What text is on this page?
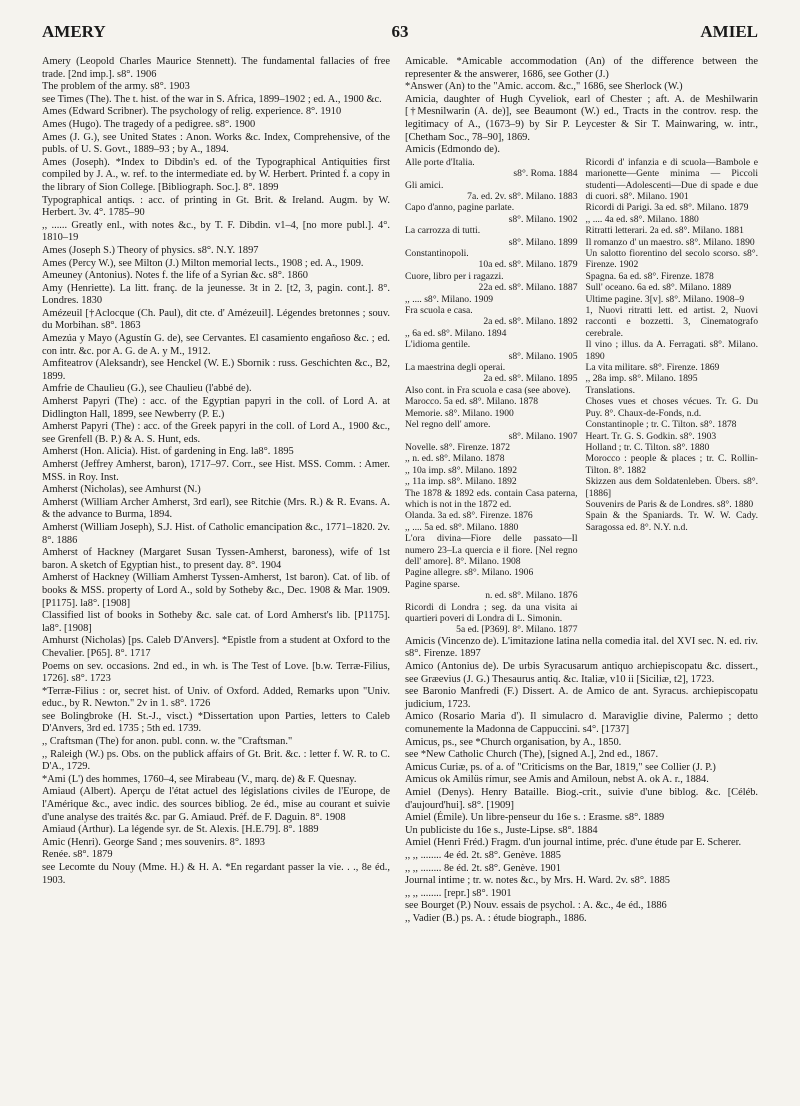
AMERY	63	AMIEL
Amery (Leopold Charles Maurice Stennett). The fundamental fallacies of free trade. [2nd imp.]. s8°. 1906
The problem of the army. s8°. 1903
see Times (The). The t. hist. of the war in S. Africa, 1899–1902 ; ed. A., 1900 &c.
Ames (Edward Scribner). The psychology of relig. experience. 8°. 1910
Ames (Hugo). The tragedy of a pedigree. s8°. 1900
Ames (J. G.), see United States : Anon. Works &c. Index, Comprehensive, of the publs. of U. S. Govt., 1889–93 ; by A., 1894.
Ames (Joseph). *Index to Dibdin's ed. of the Typographical Antiquities first compiled by J. A., w. ref. to the intermediate ed. by W. Herbert. Printed f. a copy in the library of Sion College. [Bibliograph. Soc.]. 8°. 1899
Typographical antiqs. : acc. of printing in Gt. Brit. & Ireland. Augm. by W. Herbert. 3v. 4°. 1785–90
,, ...... Greatly enl., with notes &c., by T. F. Dibdin. v1–4, [no more publ.]. 4°. 1810–19
Ames (Joseph S.) Theory of physics. s8°. N.Y. 1897
Ames (Percy W.), see Milton (J.) Milton memorial lects., 1908 ; ed. A., 1909.
Ameuney (Antonius). Notes f. the life of a Syrian &c. s8°. 1860
Amy (Henriette). La litt. franç. de la jeunesse. 3t in 2. [t2, 3, pagin. cont.]. 8°. Londres. 1830
Amézeuil [†Aclocque (Ch. Paul), dit cte. d' Amézeuil]. Légendes bretonnes ; souv. du Morbihan. s8°. 1863
Amezúa y Mayo (Agustín G. de), see Cervantes. El casamiento engañoso &c. ; ed. con intr. &c. por A. G. de A. y M., 1912.
Amfiteatrov (Aleksandr), see Henckel (W. E.) Sbornik : russ. Geschichten &c., B2, 1899.
Amfrie de Chaulieu (G.), see Chaulieu (l'abbé de).
Amherst Papyri (The) : acc. of the Egyptian papyri in the coll. of Lord A. at Didlington Hall, 1899, see Newberry (P. E.)
Amherst Papyri (The) : acc. of the Greek papyri in the coll. of Lord A., 1900 &c., see Grenfell (B. P.) & A. S. Hunt, eds.
Amherst (Hon. Alicia). Hist. of gardening in Eng. la8°. 1895
Amherst (Jeffrey Amherst, baron), 1717–97. Corr., see Hist. MSS. Comm. : Amer. MSS. in Roy. Inst.
Amherst (Nicholas), see Amhurst (N.)
Amherst (William Archer Amherst, 3rd earl), see Ritchie (Mrs. R.) & R. Evans. A. & the advance to Burma, 1894.
Amherst (William Joseph), S.J. Hist. of Catholic emancipation &c., 1771–1820. 2v. 8°. 1886
Amherst of Hackney (Margaret Susan Tyssen-Amherst, baroness), wife of 1st baron. A sketch of Egyptian hist., to present day. 8°. 1904
Amherst of Hackney (William Amherst Tyssen-Amherst, 1st baron). Cat. of lib. of books & MSS. property of Lord A., sold by Sotheby &c., Dec. 1908 & Mar. 1909. [P1175]. la8°. [1908]
Classified list of books in Sotheby &c. sale cat. of Lord Amherst's lib. [P1175]. la8°. [1908]
Amhurst (Nicholas) [ps. Caleb D'Anvers]. *Epistle from a student at Oxford to the Chevalier. [P65]. 8°. 1717
Poems on sev. occasions. 2nd ed., in wh. is The Test of Love. [b.w. Terræ-Filius, 1726]. s8°. 1723
*Terræ-Filius : or, secret hist. of Univ. of Oxford. Added, Remarks upon "Univ. educ., by R. Newton." 2v in 1. s8°. 1726
see Bolingbroke (H. St.-J., visct.) *Dissertation upon Parties, letters to Caleb D'Anvers, 3rd ed. 1735 ; 5th ed. 1739.
,, Craftsman (The) for anon. publ. conn. w. the "Craftsman."
,, Raleigh (W.) ps. Obs. on the publick affairs of Gt. Brit. &c. : letter f. W. R. to C. D'A., 1729.
*Ami (L') des hommes, 1760–4, see Mirabeau (V., marq. de) & F. Quesnay.
Amiaud (Albert). Aperçu de l'état actuel des législations civiles de l'Europe, de l'Amérique &c., avec indic. des sources bibliog. 2e éd., mise au courant et suivie d'une analyse des traités &c. par G. Amiaud. Préf. de F. Daguin. 8°. 1908
Amiaud (Arthur). La légende syr. de St. Alexis. [H.E.79]. 8°. 1889
Amic (Henri). George Sand ; mes souvenirs. 8°. 1893
Renée. s8°. 1879
see Lecomte du Nouy (Mme. H.) & H. A. *En regardant passer la vie. . ., 8e éd., 1903.
Amicable. *Amicable accommodation (An) of the difference between the representer & the answerer, 1686, see Gother (J.)
*Answer (An) to the "Amic. accom. &c.," 1686, see Sherlock (W.)
Amicia, daughter of Hugh Cyveliok, earl of Chester ; aft. A. de Meshilwarin [†Mesnilwarin (A. de)], see Beaumont (W.) ed., Tracts in the controv. resp. the legitimacy of A., (1673–9) by Sir P. Leycester & Sir T. Mainwaring, w. intr., [Chetham Soc., 78–90], 1869.
Amicis (Edmondo de).
Alle porte d'Italia.
s8°. Roma. 1884
Gli amici.
7a. ed. 2v. s8°. Milano. 1883
Capo d'anno, pagine parlate.
s8°. Milano. 1902
La carrozza di tutti.
s8°. Milano. 1899
Constantinopoli.
10a ed. s8°. Milano. 1879
Cuore, libro per i ragazzi.
22a ed. s8°. Milano. 1887
,, .... s8°. Milano. 1909
Fra scuola e casa.
2a ed. s8°. Milano. 1892
,, 6a ed. s8°. Milano. 1894
L'idioma gentile.
s8°. Milano. 1905
La maestrina degli operai.
2a ed. s8°. Milano. 1895
Also cont. in Fra scuola e casa (see above).
Marocco. 5a ed. s8°. Milano. 1878
Memorie. s8°. Milano. 1900
Nel regno dell' amore.
s8°. Milano. 1907
Novelle. s8°. Firenze. 1872
,, n. ed. s8°. Milano. 1878
,, 10a imp. s8°. Milano. 1892
,, 11a imp. s8°. Milano. 1892
The 1878 & 1892 eds. contain Casa paterna, which is not in the 1872 ed.
Olanda. 3a ed. s8°. Firenze. 1876
,, .... 5a ed. s8°. Milano. 1880
L'ora divina—Fiore delle passato—Il numero 23–La quercia e il fiore. [Nel regno dell' amore]. 8°. Milano. 1908
Pagine allegre. s8°. Milano. 1906
Pagine sparse.
n. ed. s8°. Milano. 1876
Ricordi di Londra ; seg. da una visita ai quartieri poveri di Londra di L. Simonin.
5a ed. [P369]. 8°. Milano. 1877
Ricordi d' infanzia e di scuola—Bambole e marionette—Gente minima — Piccoli studenti—Adolescenti—Due di spade e due di cuori. s8°. Milano. 1901
Ricordi di Parigi. 3a ed. s8°. Milano. 1879
,, .... 4a ed. s8°. Milano. 1880
Ritratti letterari. 2a ed. s8°. Milano. 1881
Il romanzo d' un maestro. s8°. Milano. 1890
Un salotto fiorentino del secolo scorso. s8°. Firenze. 1902
Spagna. 6a ed. s8°. Firenze. 1878
Sull' oceano. 6a ed. s8°. Milano. 1889
Ultime pagine. 3[v]. s8°. Milano. 1908–9
1, Nuovi ritratti lett. ed artist. 2, Nuovi racconti e bozzetti. 3, Cinematografo cerebrale.
Il vino ; illus. da A. Ferragati. s8°. Milano. 1890
La vita militare. s8°. Firenze. 1869
,, 28a imp. s8°. Milano. 1895
Translations.
Choses vues et choses vécues. Tr. G. Du Puy. 8°. Chaux-de-Fonds, n.d.
Constantinople ; tr. C. Tilton. s8°. 1878
Heart. Tr. G. S. Godkin. s8°. 1903
Holland ; tr. C. Tilton. s8°. 1880
Morocco : people & places ; tr. C. Rollin-Tilton. 8°. 1882
Skizzen aus dem Soldatenleben. Übers. s8°. [1886]
Souvenirs de Paris & de Londres. s8°. 1880
Spain & the Spaniards. Tr. W. W. Cady. Saragossa ed. 8°. N.Y. n.d.
Amicis (Vincenzo de). L'imitazione latina nella comedia ital. del XVI sec. N. ed. riv. s8°. Firenze. 1897
Amico (Antonius de). De urbis Syracusarum antiquo archiepiscopatu &c. dissert., see Græevius (J. G.) Thesaurus antiq. &c. Italiæ, v10 ii [Siciliæ, t2], 1723.
see Baronio Manfredi (F.) Dissert. A. de Amico de ant. Syracus. archiepiscopatu judicium, 1723.
Amico (Rosario Maria d'). Il simulacro d. Maraviglie divine, Palermo ; detto comunemente la Madonna de Cappuccini. s4°. [1737]
Amicus, ps., see *Church organisation, by A., 1850.
see *New Catholic Church (The), [signed A.], 2nd ed., 1867.
Amicus Curiæ, ps. of a. of "Criticisms on the Bar, 1819," see Collier (J. P.)
Amicus ok Amilüs rímur, see Amis and Amiloun, nebst A. ok A. r., 1884.
Amiel (Denys). Henry Bataille. Biog.-crit., suivie d'une biblog. &c. [Céléb. d'aujourd'hui]. s8°. [1909]
Amiel (Émile). Un libre-penseur du 16e s. : Erasme. s8°. 1889
Un publiciste du 16e s., Juste-Lipse. s8°. 1884
Amiel (Henri Fréd.) Fragm. d'un journal intime, préc. d'une étude par E. Scherer.
,, ,, ........ 4e éd. 2t. s8°. Genève. 1885
,, ,, ........ 8e éd. 2t. s8°. Genève. 1901
Journal intime ; tr. w. notes &c., by Mrs. H. Ward. 2v. s8°. 1885
,, ,, ........ [repr.] s8°. 1901
see Bourget (P.) Nouv. essais de psychol. : A. &c., 4e éd., 1886
,, Vadier (B.) ps. A. : étude biograph., 1886.
